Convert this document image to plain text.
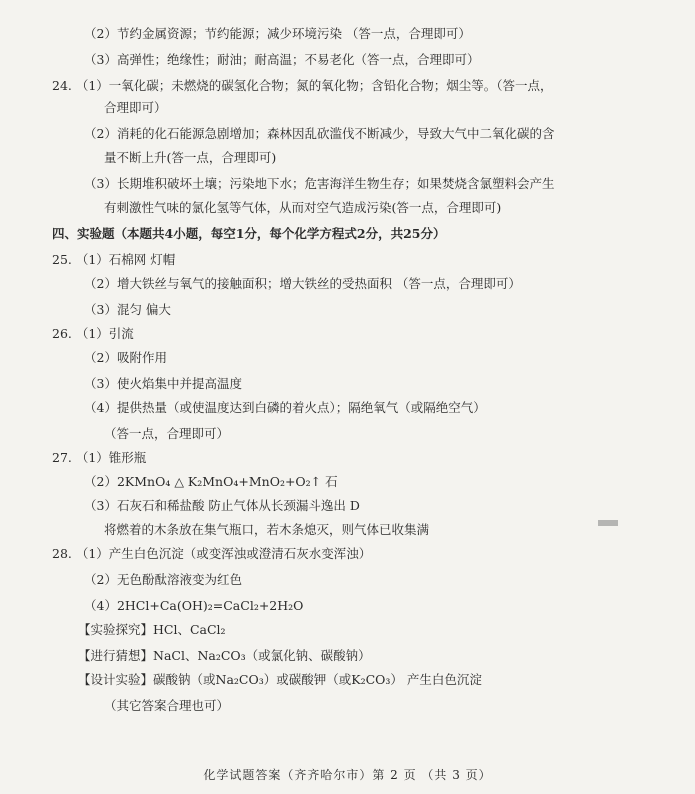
（2）节约金属资源；节约能源；减少环境污染 （答一点，合理即可）
（3）高弹性；绝缘性；耐油；耐高温；不易老化（答一点，合理即可）
24. （1）一氧化碳；未燃烧的碳氢化合物；氮的氧化物；含铅化合物；烟尘等。（答一点，
合理即可）
（2）消耗的化石能源急剧增加；森林因乱砍滥伐不断减少，导致大气中二氧化碳的含
量不断上升(答一点，合理即可)
（3）长期堆积破坏土壤；污染地下水；危害海洋生物生存；如果焚烧含氯塑料会产生
有刺激性气味的氯化氢等气体，从而对空气造成污染(答一点，合理即可)
四、实验题（本题共4小题，每空1分，每个化学方程式2分，共25分）
25. （1）石棉网 灯帽
（2）增大铁丝与氧气的接触面积；增大铁丝的受热面积 （答一点，合理即可）
（3）混匀 偏大
26. （1）引流
（2）吸附作用
（3）使火焰集中并提高温度
（4）提供热量（或使温度达到白磷的着火点）；隔绝氧气（或隔绝空气）
（答一点，合理即可）
27. （1）锥形瓶
（2）2KMnO₄ △ K₂MnO₄+MnO₂+O₂↑ 石
（3）石灰石和稀盐酸 防止气体从长颈漏斗逸出 D
将燃着的木条放在集气瓶口，若木条熄灭，则气体已收集满
28. （1）产生白色沉淀（或变浑浊或澄清石灰水变浑浊）
（2）无色酚酞溶液变为红色
（4）2HCl+Ca(OH)₂=CaCl₂+2H₂O
【实验探究】HCl、CaCl₂
【进行猜想】NaCl、Na₂CO₃（或氯化钠、碳酸钠）
【设计实验】碳酸钠（或Na₂CO₃）或碳酸钾（或K₂CO₃） 产生白色沉淀
（其它答案合理也可）
化学试题答案（齐齐哈尔市）第 2 页 （共 3 页）
